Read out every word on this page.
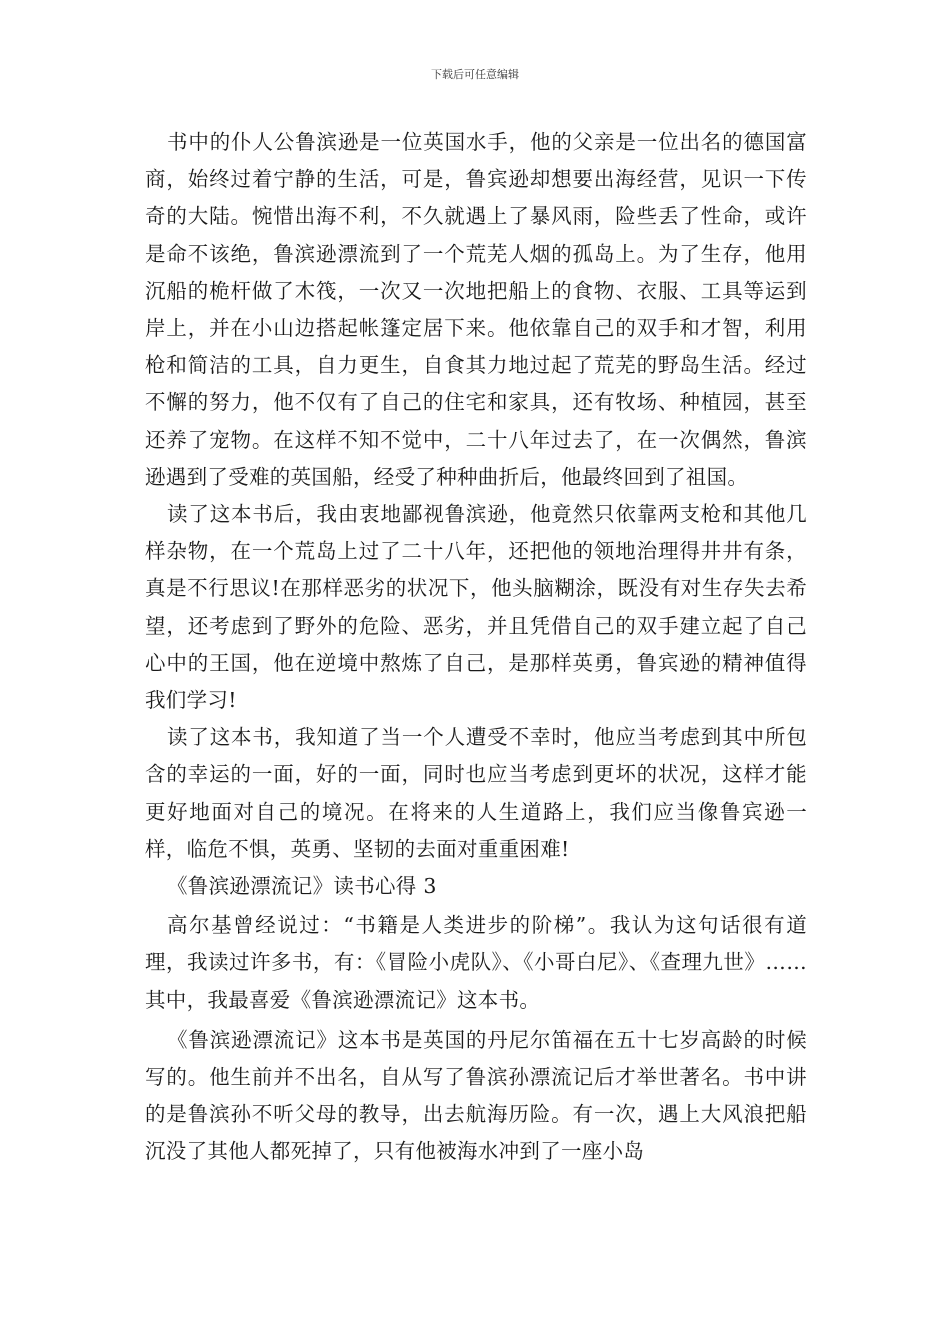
下载后可任意编辑

书中的仆人公鲁滨逊是一位英国水手，他的父亲是一位出名的德国富商，始终过着宁静的生活，可是，鲁宾逊却想要出海经营，见识一下传奇的大陆。惋惜出海不利，不久就遇上了暴风雨，险些丢了性命，或许是命不该绝，鲁滨逊漂流到了一个荒芜人烟的孤岛上。为了生存，他用沉船的桅杆做了木筏，一次又一次地把船上的食物、衣服、工具等运到岸上，并在小山边搭起帐篷定居下来。他依靠自己的双手和才智，利用枪和简洁的工具，自力更生，自食其力地过起了荒芜的野岛生活。经过不懈的努力，他不仅有了自己的住宅和家具，还有牧场、种植园，甚至还养了宠物。在这样不知不觉中，二十八年过去了，在一次偶然，鲁滨逊遇到了受难的英国船，经受了种种曲折后，他最终回到了祖国。

读了这本书后，我由衷地鄙视鲁滨逊，他竟然只依靠两支枪和其他几样杂物，在一个荒岛上过了二十八年，还把他的领地治理得井井有条，真是不行思议!在那样恶劣的状况下，他头脑糊涂，既没有对生存失去希望，还考虑到了野外的危险、恶劣，并且凭借自己的双手建立起了自己心中的王国，他在逆境中熬炼了自己，是那样英勇，鲁宾逊的精神值得我们学习!

读了这本书，我知道了当一个人遭受不幸时，他应当考虑到其中所包含的幸运的一面，好的一面，同时也应当考虑到更坏的状况，这样才能更好地面对自己的境况。在将来的人生道路上，我们应当像鲁宾逊一样，临危不惧，英勇、坚韧的去面对重重困难!

《鲁滨逊漂流记》读书心得 3

高尔基曾经说过：“书籍是人类进步的阶梯”。我认为这句话很有道理，我读过许多书，有：《冒险小虎队》、《小哥白尼》、《查理九世》……其中，我最喜爱《鲁滨逊漂流记》这本书。

《鲁滨逊漂流记》这本书是英国的丹尼尔笛福在五十七岁高龄的时候写的。他生前并不出名，自从写了鲁滨孙漂流记后才举世著名。书中讲的是鲁滨孙不听父母的教导，出去航海历险。有一次，遇上大风浪把船沉没了其他人都死掉了，只有他被海水冲到了一座小岛
